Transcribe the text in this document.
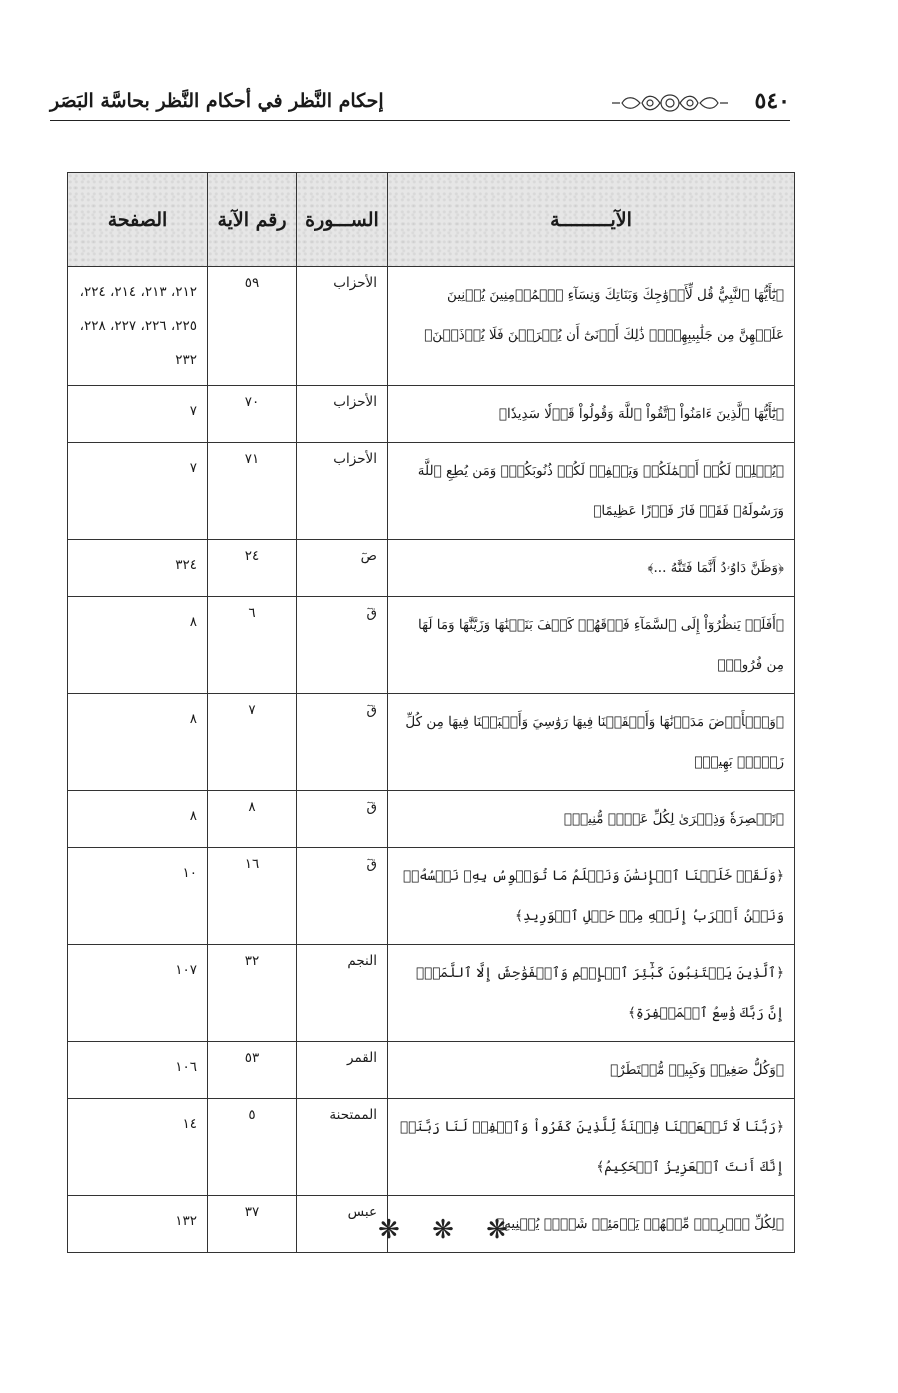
إحكام النَّظر في أحكام النَّظر بحاسَّة البَصَر	٥٤٠
الآيـــــــــة	الســـورة	رقم الآية	الصفحة
﴿يَٰٓأَيُّهَا ٱلنَّبِيُّ قُل لِّأَزۡوَٰجِكَ وَبَنَاتِكَ وَنِسَآءِ ٱلۡمُؤۡمِنِينَ يُدۡنِينَ عَلَيۡهِنَّ مِن جَلَٰبِيبِهِنَّۚ ذَٰلِكَ أَدۡنَىٰٓ أَن يُعۡرَفۡنَ فَلَا يُؤۡذَيۡنَ﴾	الأحزاب	٥٩	٢١٢، ٢١٣، ٢١٤، ٢٢٤، ٢٢٥، ٢٢٦، ٢٢٧، ٢٢٨، ٢٣٢
﴿يَٰٓأَيُّهَا ٱلَّذِينَ ءَامَنُواْ ٱتَّقُواْ ٱللَّهَ وَقُولُواْ قَوۡلٗا سَدِيدٗا﴾	الأحزاب	٧٠	٧
﴿يُصۡلِحۡ لَكُمۡ أَعۡمَٰلَكُمۡ وَيَغۡفِرۡ لَكُمۡ ذُنُوبَكُمۡۗ وَمَن يُطِعِ ٱللَّهَ وَرَسُولَهُۥ فَقَدۡ فَازَ فَوۡزًا عَظِيمًا﴾	الأحزاب	٧١	٧
﴿وَظَنَّ دَاوُۥدُ أَنَّمَا فَتَنَّٰهُ ...﴾	صٓ	٢٤	٣٢٤
﴿أَفَلَمۡ يَنظُرُوٓاْ إِلَى ٱلسَّمَآءِ فَوۡقَهُمۡ كَيۡفَ بَنَيۡنَٰهَا وَزَيَّنَّٰهَا وَمَا لَهَا مِن فُرُوجٖ﴾	قٓ	٦	٨
﴿وَٱلۡأَرۡضَ مَدَدۡنَٰهَا وَأَلۡقَيۡنَا فِيهَا رَوَٰسِيَ وَأَنۢبَتۡنَا فِيهَا مِن كُلِّ زَوۡجِۭ بَهِيجٖ﴾	قٓ	٧	٨
﴿تَبۡصِرَةٗ وَذِكۡرَىٰ لِكُلِّ عَبۡدٖ مُّنِيبٖ﴾	قٓ	٨	٨
﴿وَلَقَدۡ خَلَقۡنَا ٱلۡإِنسَٰنَ وَنَعۡلَمُ مَا تُوَسۡوِسُ بِهِۦ نَفۡسُهُۥۖ وَنَحۡنُ أَقۡرَبُ إِلَيۡهِ مِنۡ حَبۡلِ ٱلۡوَرِيدِ﴾	قٓ	١٦	١٠
﴿ٱلَّذِينَ يَجۡتَنِبُونَ كَبَٰٓئِرَ ٱلۡإِثۡمِ وَٱلۡفَوَٰحِشَ إِلَّا ٱللَّمَمَۚ إِنَّ رَبَّكَ وَٰسِعُ ٱلۡمَغۡفِرَةِ﴾	النجم	٣٢	١٠٧
﴿وَكُلُّ صَغِيرٖ وَكَبِيرٖ مُّسۡتَطَرٌ﴾	القمر	٥٣	١٠٦
﴿رَبَّنَا لَا تَجۡعَلۡنَا فِتۡنَةٗ لِّلَّذِينَ كَفَرُواْ وَٱغۡفِرۡ لَنَا رَبَّنَآۖ إِنَّكَ أَنتَ ٱلۡعَزِيزُ ٱلۡحَكِيمُ﴾	الممتحنة	٥	١٤
﴿لِكُلِّ ٱمۡرِيٕٖ مِّنۡهُمۡ يَوۡمَئِذٖ شَأۡنٞ يُغۡنِيهِ﴾	عبس	٣٧	١٣٢	❋ ❋ ❋
